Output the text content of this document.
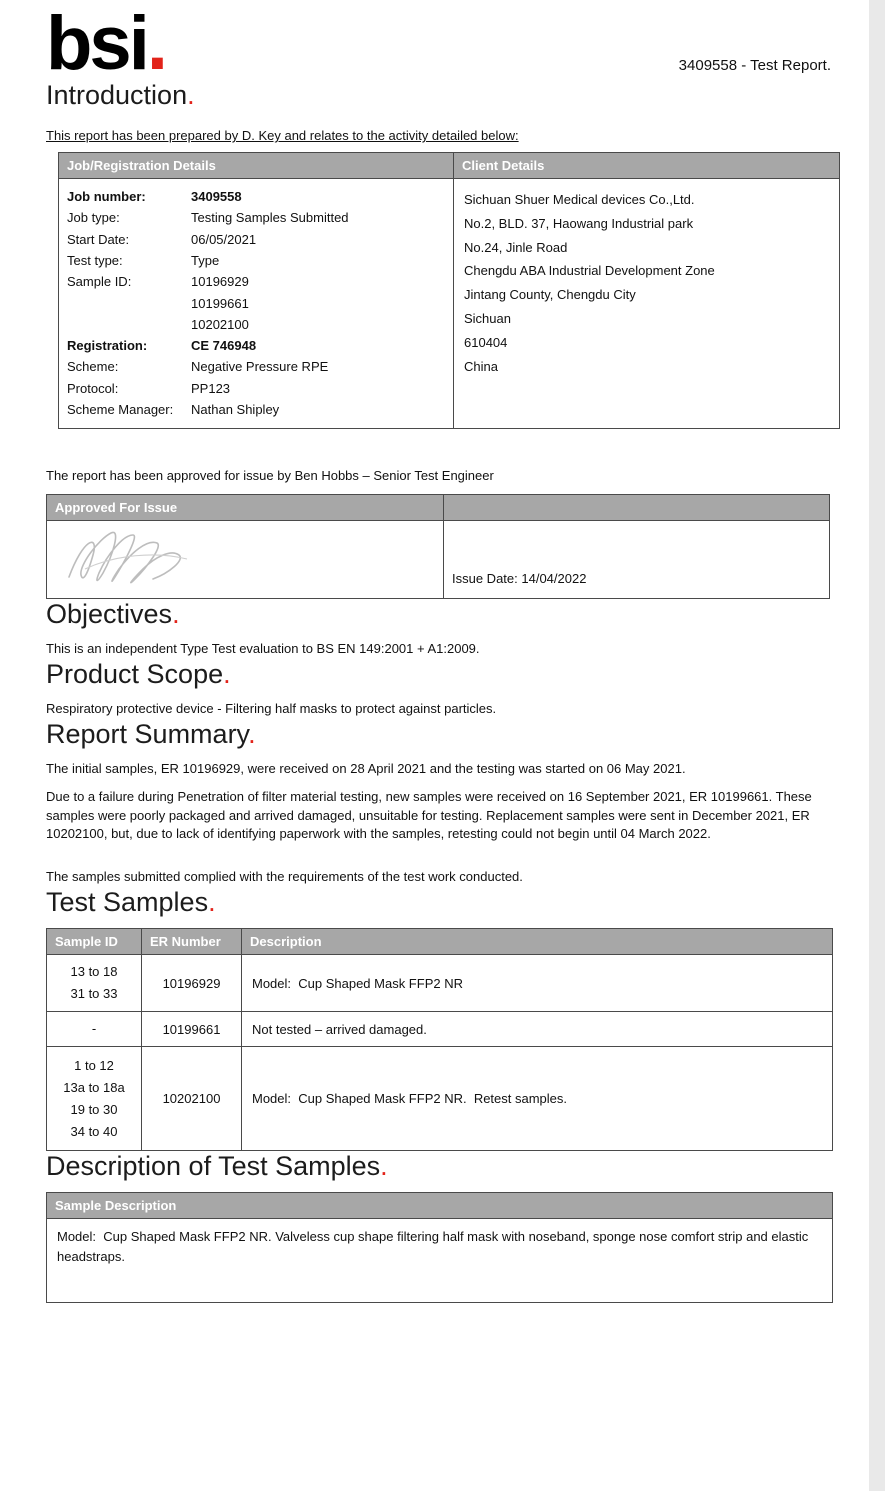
bsi.	3409558 - Test Report.
Introduction.
This report has been prepared by D. Key and relates to the activity detailed below:
Job/Registration Details	Client Details

Job number:	3409558
Job type:	Testing Samples Submitted
Start Date:	06/05/2021
Test type:	Type
Sample ID:	10196929
10199661
10202100
Registration:	CE 746948
Scheme:	Negative Pressure RPE
Protocol:	PP123
Scheme Manager:	Nathan Shipley

Sichuan Shuer Medical devices Co.,Ltd.
No.2, BLD. 37, Haowang Industrial park
No.24, Jinle Road
Chengdu ABA Industrial Development Zone
Jintang County, Chengdu City
Sichuan
610404
China
The report has been approved for issue by Ben Hobbs – Senior Test Engineer
Approved For Issue	
	Issue Date: 14/04/2022
Objectives.
This is an independent Type Test evaluation to BS EN 149:2001 + A1:2009.
Product Scope.
Respiratory protective device - Filtering half masks to protect against particles.
Report Summary.
The initial samples, ER 10196929, were received on 28 April 2021 and the testing was started on 06 May 2021.
Due to a failure during Penetration of filter material testing, new samples were received on 16 September 2021, ER 10199661. These samples were poorly packaged and arrived damaged, unsuitable for testing. Replacement samples were sent in December 2021, ER 10202100, but, due to lack of identifying paperwork with the samples, retesting could not begin until 04 March 2022.
The samples submitted complied with the requirements of the test work conducted.
Test Samples.
Sample ID	ER Number	Description

13 to 18
31 to 33	10196929	Model:  Cup Shaped Mask FFP2 NR

-	10199661	Not tested – arrived damaged.

1 to 12
13a to 18a
19 to 30
34 to 40	10202100	Model:  Cup Shaped Mask FFP2 NR.  Retest samples.
Description of Test Samples.
Sample Description
Model:  Cup Shaped Mask FFP2 NR. Valveless cup shape filtering half mask with noseband, sponge nose comfort strip and elastic headstraps.
